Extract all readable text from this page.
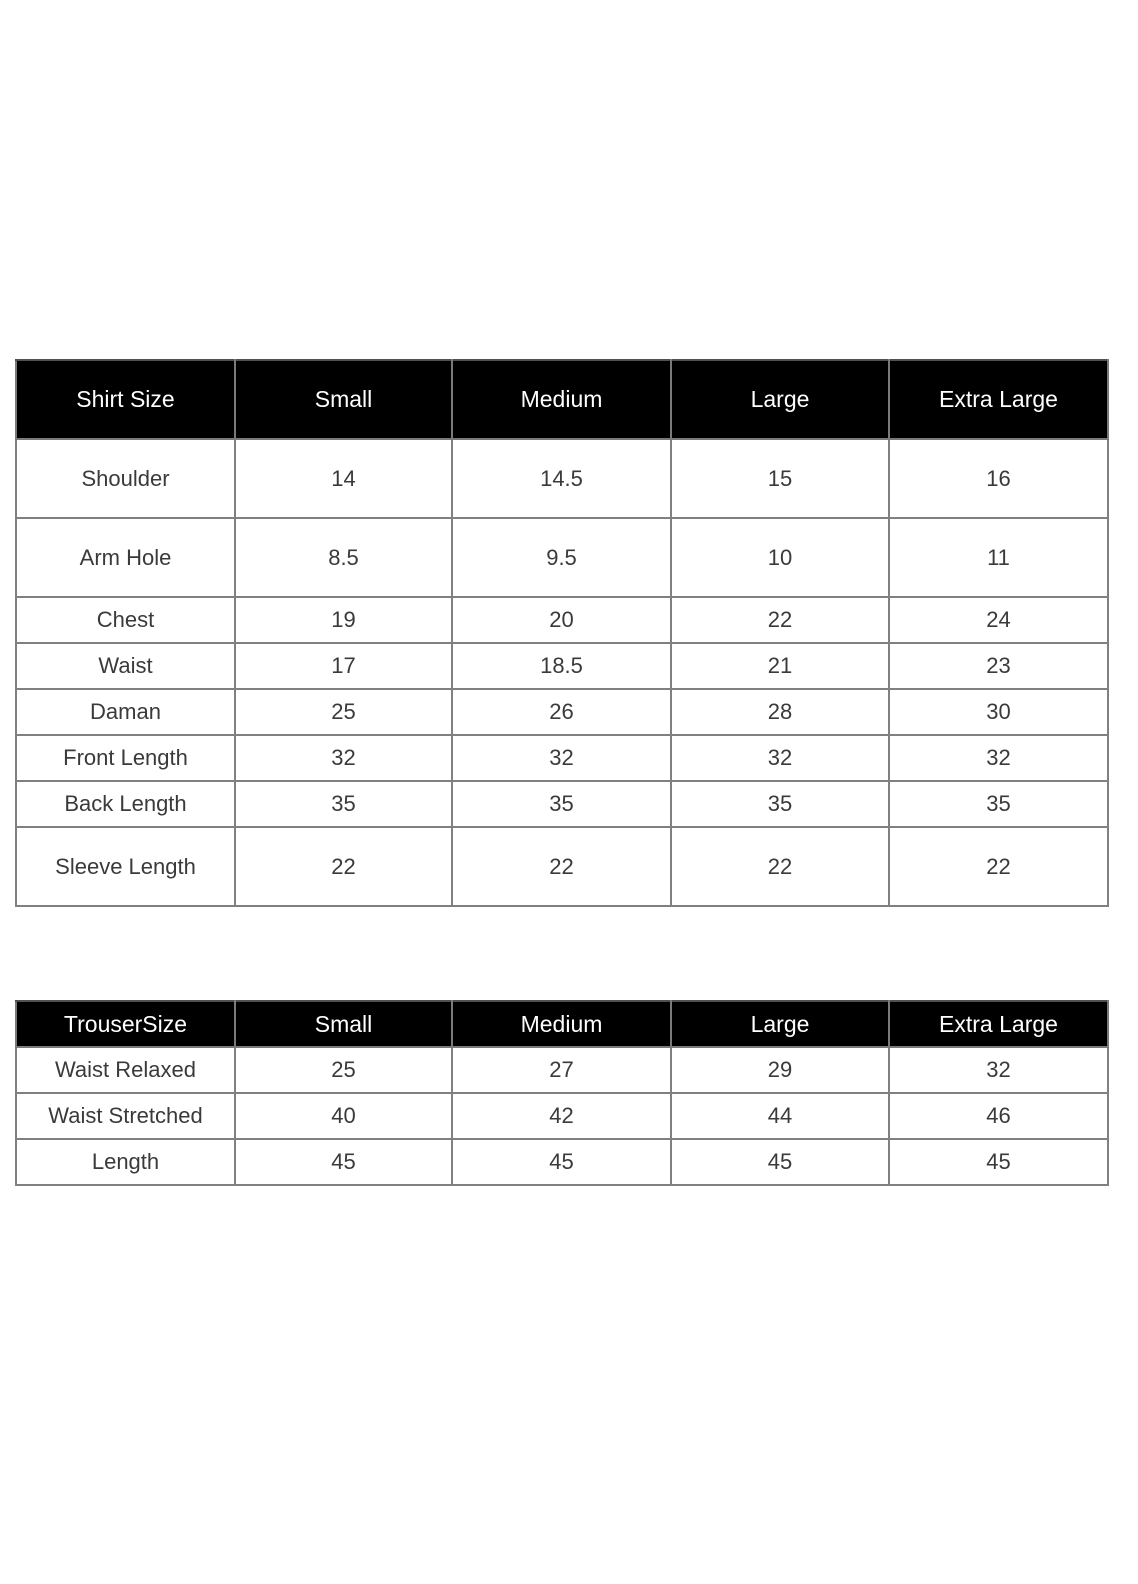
Shirt Size	Small	Medium	Large	Extra Large
Shoulder	14	14.5	15	16
Arm Hole	8.5	9.5	10	11
Chest	19	20	22	24
Waist	17	18.5	21	23
Daman	25	26	28	30
Front Length	32	32	32	32
Back Length	35	35	35	35
Sleeve Length	22	22	22	22
TrouserSize	Small	Medium	Large	Extra Large
Waist Relaxed	25	27	29	32
Waist Stretched	40	42	44	46
Length	45	45	45	45
